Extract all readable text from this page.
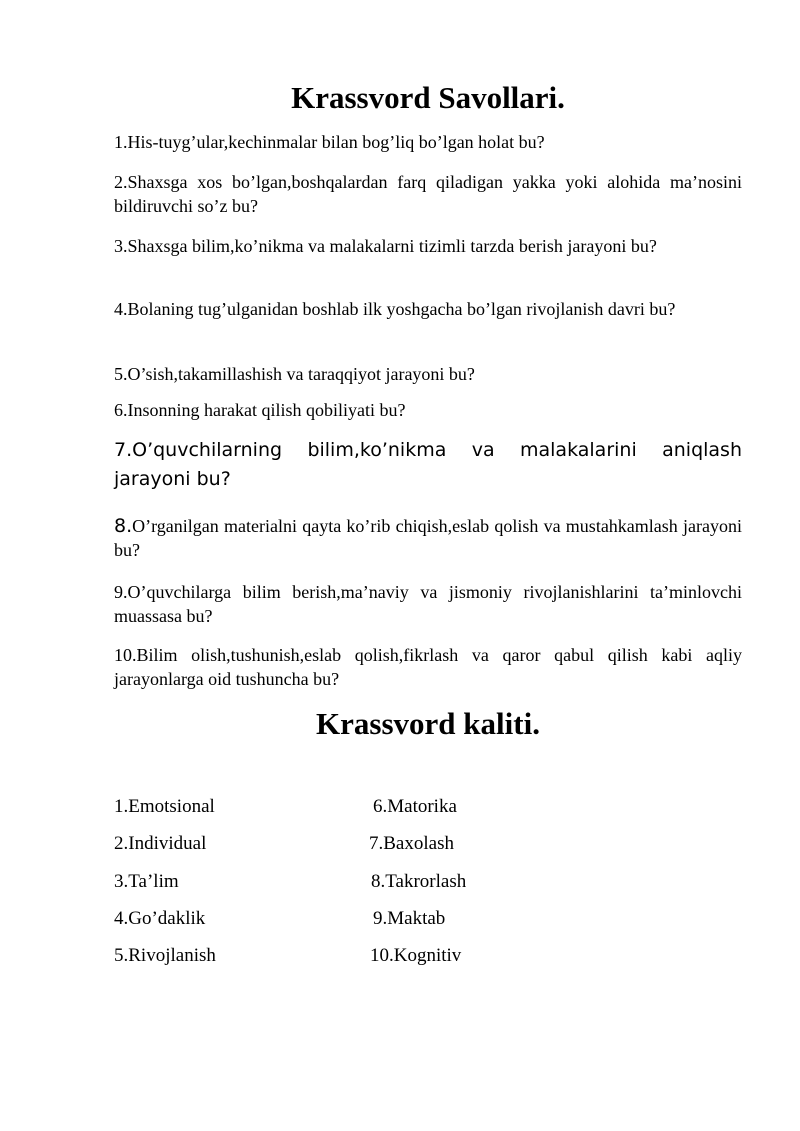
Krassvord Savollari.

1.His-tuyg’ular,kechinmalar bilan bog’liq bo’lgan holat bu?

2.Shaxsga xos bo’lgan,boshqalardan farq qiladigan yakka yoki alohida ma’nosini bildiruvchi so’z bu?

3.Shaxsga bilim,ko’nikma va malakalarni tizimli tarzda berish jarayoni bu?

4.Bolaning tug’ulganidan boshlab ilk yoshgacha bo’lgan rivojlanish davri bu?

5.O’sish,takamillashish va taraqqiyot jarayoni bu?

6.Insonning harakat qilish qobiliyati bu?

7.O’quvchilarning bilim,ko’nikma va malakalarini aniqlash jarayoni bu?

8.O’rganilgan materialni qayta ko’rib chiqish,eslab qolish va mustahkamlash jarayoni bu?

9.O’quvchilarga bilim berish,ma’naviy va jismoniy rivojlanishlarini ta’minlovchi muassasa bu?

10.Bilim olish,tushunish,eslab qolish,fikrlash va qaror qabul qilish kabi aqliy jarayonlarga oid tushuncha bu?

Krassvord kaliti.

1.Emotsional

2.Individual

3.Ta’lim

4.Go’daklik

5.Rivojlanish

6.Matorika

7.Baxolash

8.Takrorlash

9.Maktab

10.Kognitiv
